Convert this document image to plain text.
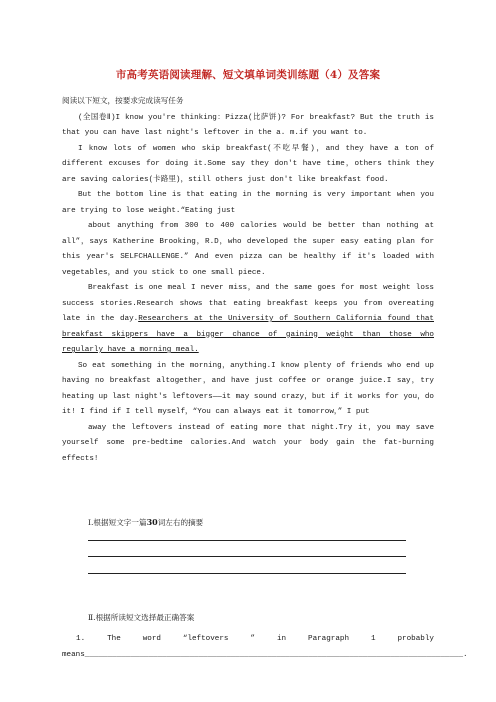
市高考英语阅读理解、短文填单词类训练题（4）及答案

阅读以下短文，按要求完成读写任务

(全国卷Ⅱ)I know you're thinking：Pizza(比萨饼)? For breakfast? But the truth is that you can have last night's leftover in the a. m.if you want to.

I know lots of women who skip breakfast(不吃早餐)，and they have a ton of different excuses for doing it.Some say they don't have time，others think they are saving calories(卡路里)，still others just don't like breakfast food.

But the bottom line is that eating in the morning is very important when you are trying to lose weight.“Eating just

about anything from 300 to 400 calories would be better than nothing at all”，says Katherine Brooking，R.D，who developed the super easy eating plan for this year's SELFCHALLENGE.” And even pizza can be healthy if it's loaded with vegetables，and you stick to one small piece.

Breakfast is one meal I never miss，and the same goes for most weight loss success stories.Research shows that eating breakfast keeps you from overeating late in the day.Researchers at the University of Southern California found that breakfast skippers have a bigger chance of gaining weight than those who regularly have a morning meal.

So eat something in the morning，anything.I know plenty of friends who end up having no breakfast altogether，and have just coffee or orange juice.I say，try heating up last night's leftovers——it may sound crazy，but if it works for you，do it! I find if I tell myself，“You can always eat it tomorrow，” I put

away the leftovers instead of eating more that night.Try it，you may save yourself some pre-bedtime calories.And watch your body gain the fat-burning effects!

Ⅰ.根据短文字一篇30词左右的摘要
Ⅱ.根据所读短文选择最正确答案
1.	The	word	“leftovers	”	in	Paragraph	1	probably
means___________________________________________________________________________________.
